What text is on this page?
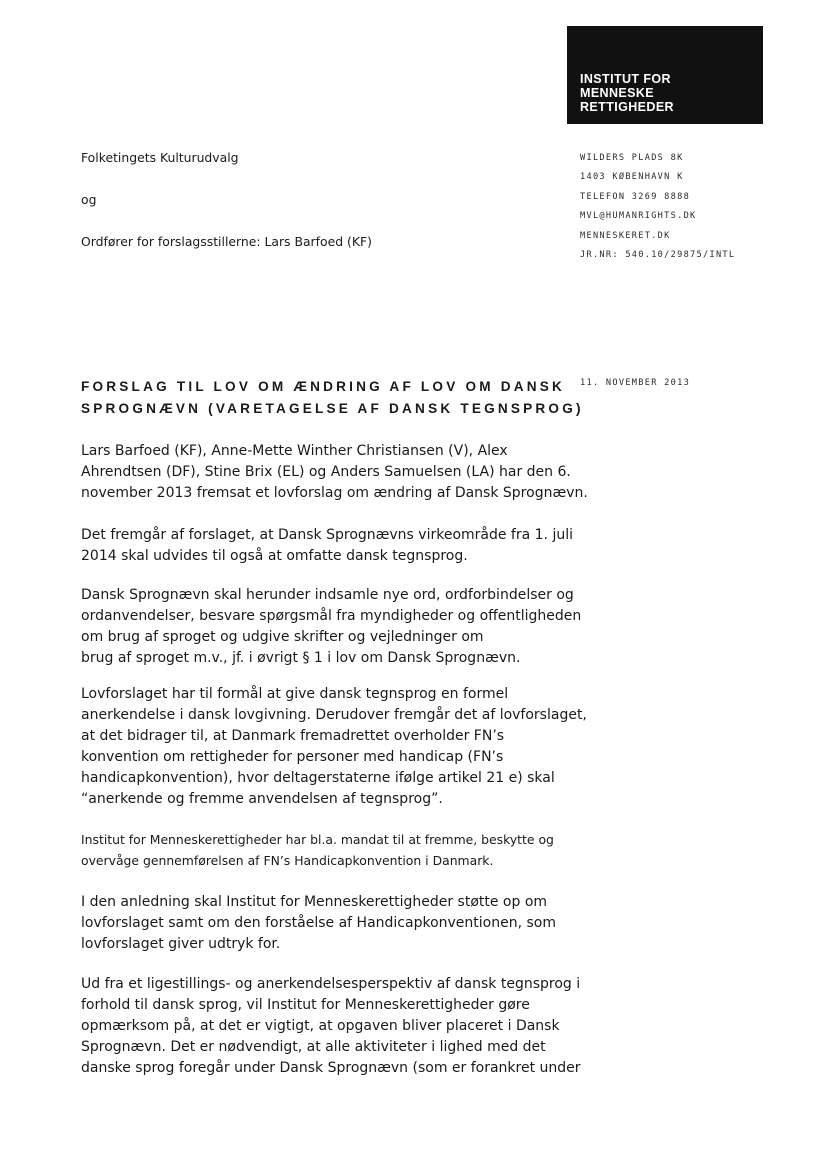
INSTITUT FOR
MENNESKE
RETTIGHEDER
WILDERS PLADS 8K
1403 KØBENHAVN K
TELEFON 3269 8888
MVL@HUMANRIGHTS.DK
MENNESKERET.DK
JR.NR: 540.10/29875/INTL
Folketingets Kulturudvalg
og
Ordfører for forslagsstillerne: Lars Barfoed (KF)
11. NOVEMBER 2013
FORSLAG TIL LOV OM ÆNDRING AF LOV OM DANSK
SPROGNÆVN (VARETAGELSE AF DANSK TEGNSPROG)
Lars Barfoed (KF), Anne-Mette Winther Christiansen (V), Alex
Ahrendtsen (DF), Stine Brix (EL) og Anders Samuelsen (LA) har den 6.
november 2013 fremsat et lovforslag om ændring af Dansk Sprognævn.
Det fremgår af forslaget, at Dansk Sprognævns virkeområde fra 1. juli
2014 skal udvides til også at omfatte dansk tegnsprog.
Dansk Sprognævn skal herunder indsamle nye ord, ordforbindelser og
ordanvendelser, besvare spørgsmål fra myndigheder og offentligheden
om brug af sproget og udgive skrifter og vejledninger om
brug af sproget m.v., jf. i øvrigt § 1 i lov om Dansk Sprognævn.
Lovforslaget har til formål at give dansk tegnsprog en formel
anerkendelse i dansk lovgivning. Derudover fremgår det af lovforslaget,
at det bidrager til, at Danmark fremadrettet overholder FN’s
konvention om rettigheder for personer med handicap (FN’s
handicapkonvention), hvor deltagerstaterne ifølge artikel 21 e) skal
“anerkende og fremme anvendelsen af tegnsprog”.
Institut for Menneskerettigheder har bl.a. mandat til at fremme, beskytte og
overvåge gennemførelsen af FN’s Handicapkonvention i Danmark.
I den anledning skal Institut for Menneskerettigheder støtte op om
lovforslaget samt om den forståelse af Handicapkonventionen, som
lovforslaget giver udtryk for.
Ud fra et ligestillings- og anerkendelsesperspektiv af dansk tegnsprog i
forhold til dansk sprog, vil Institut for Menneskerettigheder gøre
opmærksom på, at det er vigtigt, at opgaven bliver placeret i Dansk
Sprognævn. Det er nødvendigt, at alle aktiviteter i lighed med det
danske sprog foregår under Dansk Sprognævn (som er forankret under
